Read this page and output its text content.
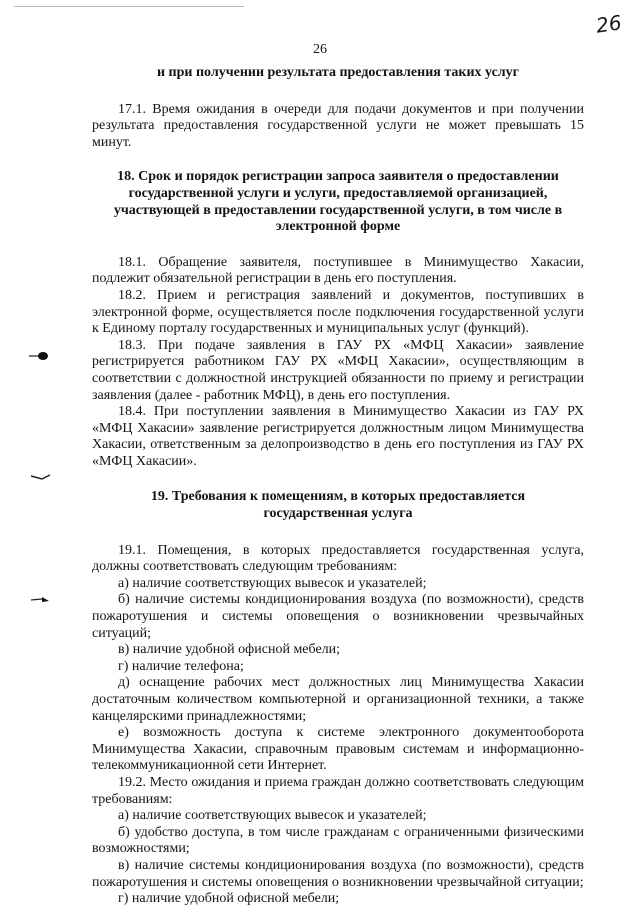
26
26
и при получении результата предоставления таких услуг
17.1. Время ожидания в очереди для подачи документов и при получении результата предоставления государственной услуги не может превышать 15 минут.
18. Срок и порядок регистрации запроса заявителя о предоставлении государственной услуги и услуги, предоставляемой организацией, участвующей в предоставлении государственной услуги, в том числе в электронной форме
18.1. Обращение заявителя, поступившее в Минимущество Хакасии, подлежит обязательной регистрации в день его поступления.
18.2. Прием и регистрация заявлений и документов, поступивших в электронной форме, осуществляется после подключения государственной услуги к Единому порталу государственных и муниципальных услуг (функций).
18.3. При подаче заявления в ГАУ РХ «МФЦ Хакасии» заявление регистрируется работником ГАУ РХ «МФЦ Хакасии», осуществляющим в соответствии с должностной инструкцией обязанности по приему и регистрации заявления (далее - работник МФЦ), в день его поступления.
18.4. При поступлении заявления в Минимущество Хакасии из ГАУ РХ «МФЦ Хакасии» заявление регистрируется должностным лицом Минимущества Хакасии, ответственным за делопроизводство в день его поступления из ГАУ РХ «МФЦ Хакасии».
19. Требования к помещениям, в которых предоставляется государственная услуга
19.1. Помещения, в которых предоставляется государственная услуга, должны соответствовать следующим требованиям:
а) наличие соответствующих вывесок и указателей;
б) наличие системы кондиционирования воздуха (по возможности), средств пожаротушения и системы оповещения о возникновении чрезвычайных ситуаций;
в) наличие удобной офисной мебели;
г) наличие телефона;
д) оснащение рабочих мест должностных лиц Минимущества Хакасии достаточным количеством компьютерной и организационной техники, а также канцелярскими принадлежностями;
е) возможность доступа к системе электронного документооборота Минимущества Хакасии, справочным правовым системам и информационно-телекоммуникационной сети Интернет.
19.2. Место ожидания и приема граждан должно соответствовать следующим требованиям:
а) наличие соответствующих вывесок и указателей;
б) удобство доступа, в том числе гражданам с ограниченными физическими возможностями;
в) наличие системы кондиционирования воздуха (по возможности), средств пожаротушения и системы оповещения о возникновении чрезвычайной ситуации;
г) наличие удобной офисной мебели;
